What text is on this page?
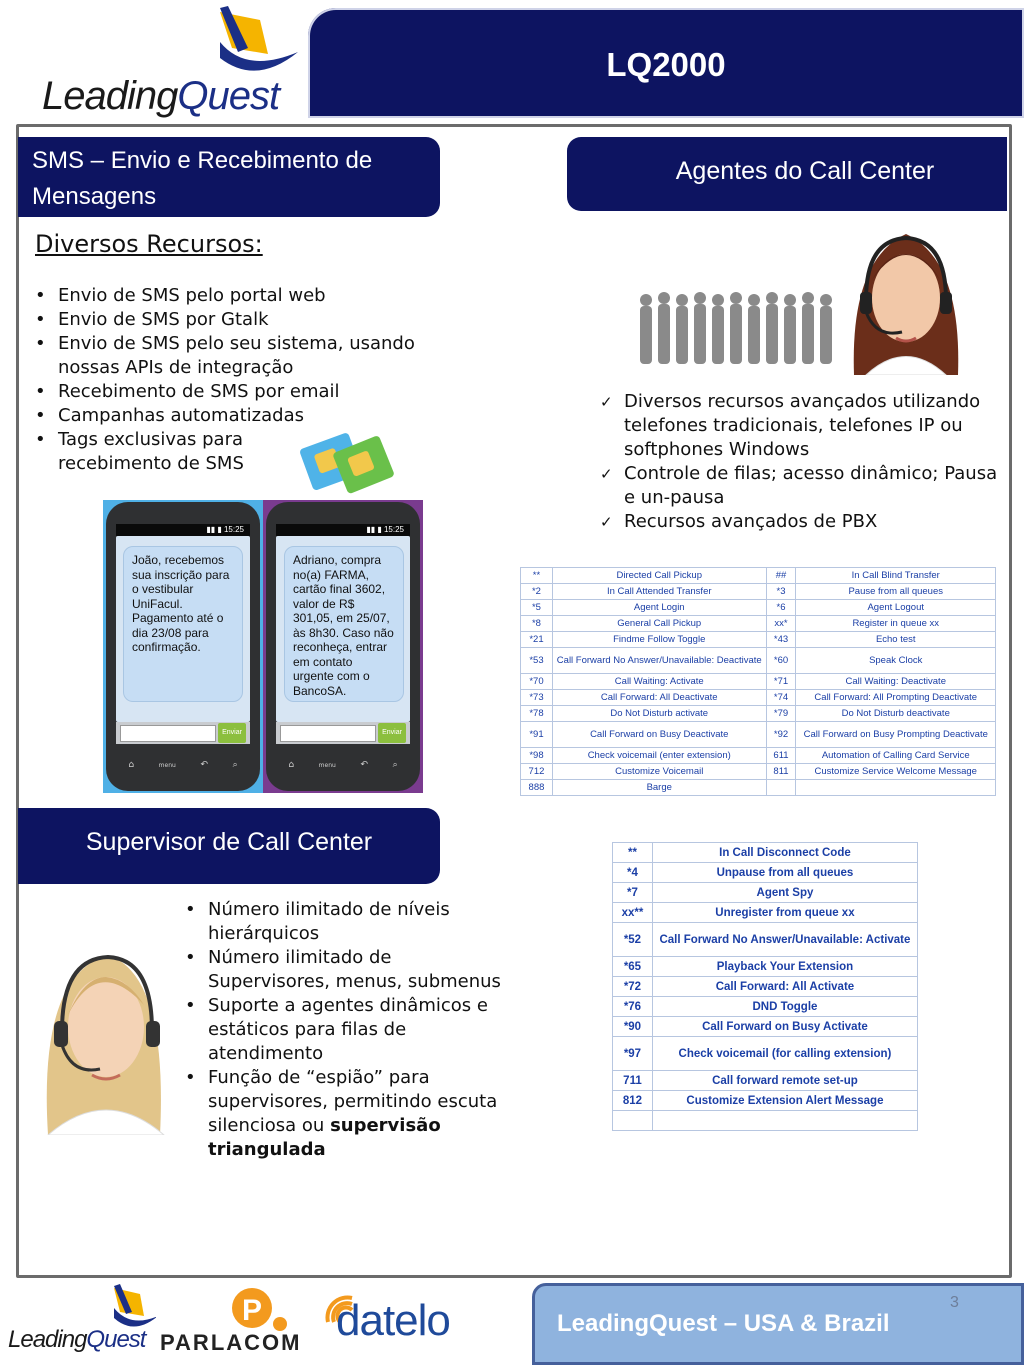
LeadingQuest
LQ2000
SMS – Envio e Recebimento de Mensagens
Diversos Recursos:
• Envio de SMS pelo portal web
• Envio de SMS por Gtalk
• Envio de SMS pelo seu sistema, usando nossas APIs de integração
• Recebimento de SMS por email
• Campanhas automatizadas
• Tags exclusivas para recebimento de SMS
▮▮ ▮ 15:25
João, recebemos sua inscrição para o vestibular UniFacul. Pagamento até o dia 23/08 para confirmação.
Enviar
⌂	menu	↶	⌕
▮▮ ▮ 15:25
Adriano, compra no(a) FARMA, cartão final 3602, valor de R$ 301,05, em 25/07, às 8h30. Caso não reconheça, entrar em contato urgente com o BancoSA.
Enviar
⌂	menu	↶	⌕
Agentes do Call Center
✓ Diversos recursos avançados utilizando telefones tradicionais, telefones IP ou softphones Windows
✓ Controle de filas; acesso dinâmico; Pausa e un-pausa
✓ Recursos avançados de PBX
**	Directed Call Pickup	##	In Call Blind Transfer
*2	In Call Attended Transfer	*3	Pause from all queues
*5	Agent Login	*6	Agent Logout
*8	General Call Pickup	xx*	Register in queue xx
*21	Findme Follow Toggle	*43	Echo test
*53	Call Forward No Answer/Unavailable: Deactivate	*60	Speak Clock
*70	Call Waiting: Activate	*71	Call Waiting: Deactivate
*73	Call Forward: All Deactivate	*74	Call Forward: All Prompting Deactivate
*78	Do Not Disturb activate	*79	Do Not Disturb deactivate
*91	Call Forward on Busy Deactivate	*92	Call Forward on Busy Prompting Deactivate
*98	Check voicemail (enter extension)	611	Automation of Calling Card Service
712	Customize Voicemail	811	Customize Service Welcome Message
888	Barge		
Supervisor de Call Center
• Número ilimitado de níveis hierárquicos
• Número ilimitado de Supervisores, menus, submenus
• Suporte a agentes dinâmicos e estáticos para filas de atendimento
• Função de “espião” para supervisores, permitindo escuta silenciosa ou supervisão triangulada
**	In Call Disconnect Code
*4	Unpause from all queues
*7	Agent Spy
xx**	Unregister from queue xx
*52	Call Forward No Answer/Unavailable: Activate
*65	Playback Your Extension
*72	Call Forward: All Activate
*76	DND Toggle
*90	Call Forward on Busy Activate
*97	Check voicemail (for calling extension)
711	Call forward remote set-up
812	Customize Extension Alert Message

LeadingQuest
P
PARLACOM datelo	LeadingQuest – USA & Brazil
3
